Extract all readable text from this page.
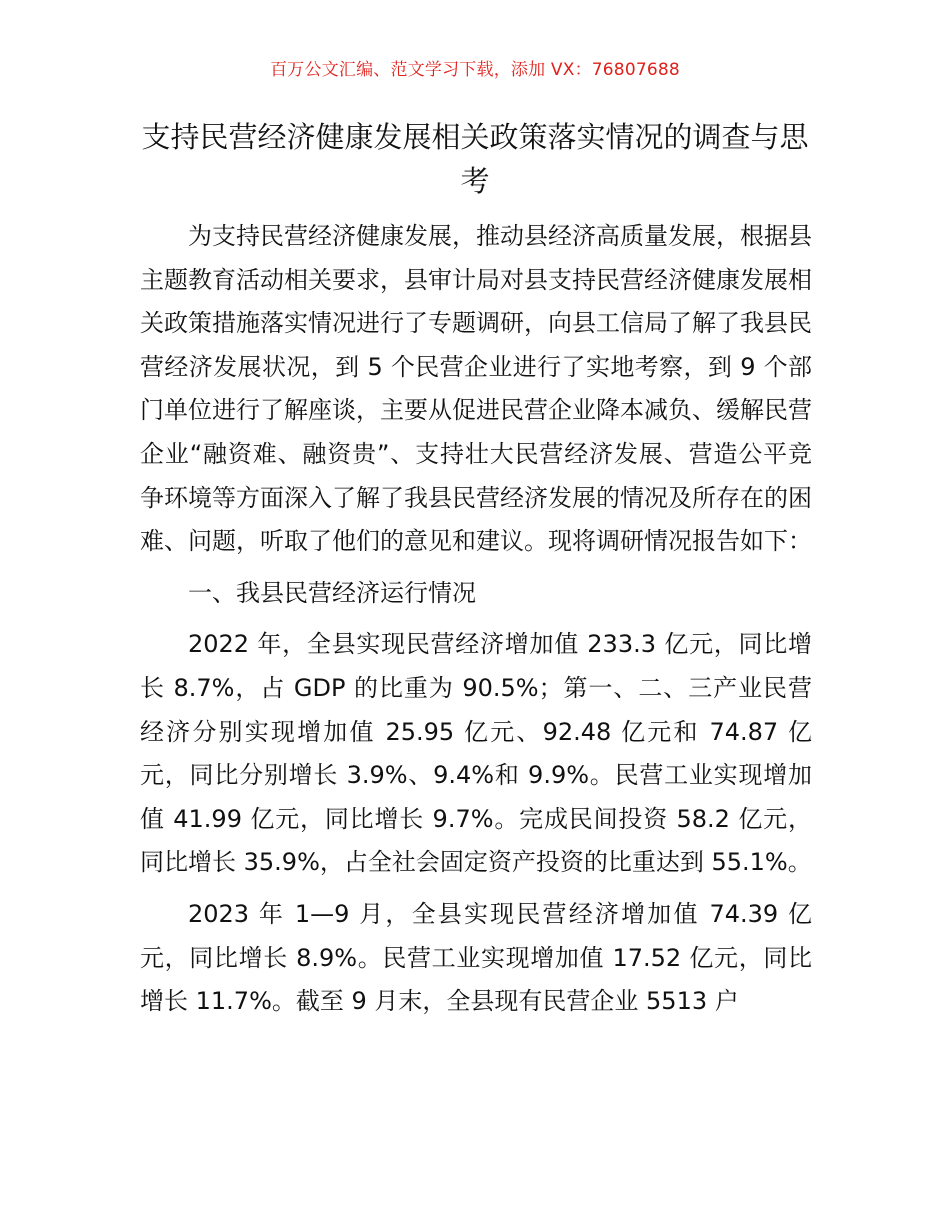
百万公文汇编、范文学习下载，添加 VX：76807688
支持民营经济健康发展相关政策落实情况的调查与思考

为支持民营经济健康发展，推动县经济高质量发展，根据县主题教育活动相关要求，县审计局对县支持民营经济健康发展相关政策措施落实情况进行了专题调研，向县工信局了解了我县民营经济发展状况，到 5 个民营企业进行了实地考察，到 9 个部门单位进行了解座谈，主要从促进民营企业降本减负、缓解民营企业“融资难、融资贵”、支持壮大民营经济发展、营造公平竞争环境等方面深入了解了我县民营经济发展的情况及所存在的困难、问题，听取了他们的意见和建议。现将调研情况报告如下：

一、我县民营经济运行情况

2022 年，全县实现民营经济增加值 233.3 亿元，同比增长 8.7%，占 GDP 的比重为 90.5%；第一、二、三产业民营经济分别实现增加值 25.95 亿元、92.48 亿元和 74.87 亿元，同比分别增长 3.9%、9.4%和 9.9%。民营工业实现增加值 41.99 亿元，同比增长 9.7%。完成民间投资 58.2 亿元，同比增长 35.9%，占全社会固定资产投资的比重达到 55.1%。

2023 年 1—9 月，全县实现民营经济增加值 74.39 亿元，同比增长 8.9%。民营工业实现增加值 17.52 亿元，同比增长 11.7%。截至 9 月末，全县现有民营企业 5513 户
